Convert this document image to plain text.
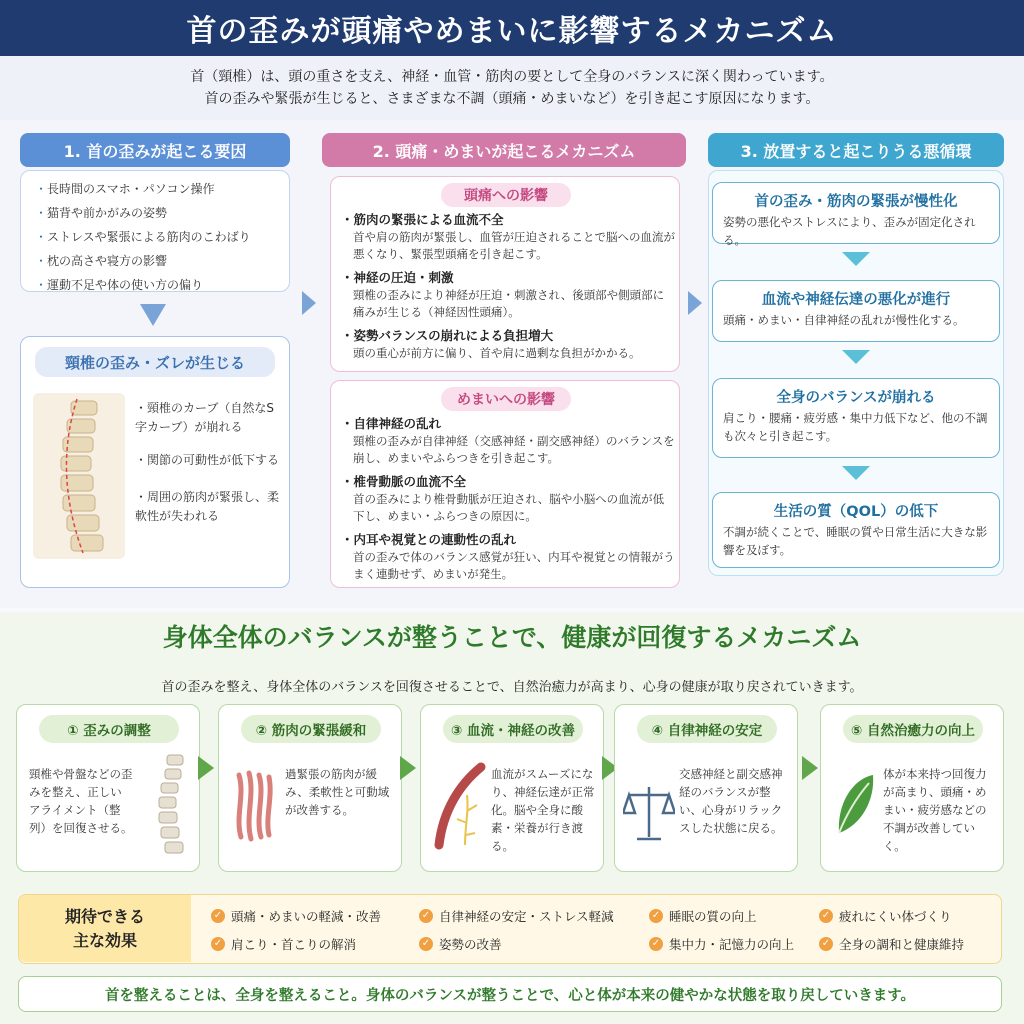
首の歪みが頭痛やめまいに影響するメカニズム
首（頸椎）は、頭の重さを支え、神経・血管・筋肉の要として全身のバランスに深く関わっています。
首の歪みや緊張が生じると、さまざまな不調（頭痛・めまいなど）を引き起こす原因になります。
1. 首の歪みが起こる要因
・ 長時間のスマホ・パソコン操作
・ 猫背や前かがみの姿勢
・ ストレスや緊張による筋肉のこわばり
・ 枕の高さや寝方の影響
・ 運動不足や体の使い方の偏り
頸椎の歪み・ズレが生じる
・頸椎のカーブ（自然なS字カーブ）が崩れる
・関節の可動性が低下する
・周囲の筋肉が緊張し、柔軟性が失われる
2. 頭痛・めまいが起こるメカニズム
頭痛への影響
・ 筋肉の緊張による血流不全
首や肩の筋肉が緊張し、血管が圧迫されることで脳への血流が悪くなり、緊張型頭痛を引き起こす。
・ 神経の圧迫・刺激
頸椎の歪みにより神経が圧迫・刺激され、後頭部や側頭部に痛みが生じる（神経因性頭痛）。
・ 姿勢バランスの崩れによる負担増大
頭の重心が前方に偏り、首や肩に過剰な負担がかかる。
めまいへの影響
・ 自律神経の乱れ
頸椎の歪みが自律神経（交感神経・副交感神経）のバランスを崩し、めまいやふらつきを引き起こす。
・ 椎骨動脈の血流不全
首の歪みにより椎骨動脈が圧迫され、脳や小脳への血流が低下し、めまい・ふらつきの原因に。
・ 内耳や視覚との連動性の乱れ
首の歪みで体のバランス感覚が狂い、内耳や視覚との情報がうまく連動せず、めまいが発生。
3. 放置すると起こりうる悪循環
首の歪み・筋肉の緊張が慢性化
姿勢の悪化やストレスにより、歪みが固定化される。
血流や神経伝達の悪化が進行
頭痛・めまい・自律神経の乱れが慢性化する。
全身のバランスが崩れる
肩こり・腰痛・疲労感・集中力低下など、他の不調も次々と引き起こす。
生活の質（QOL）の低下
不調が続くことで、睡眠の質や日常生活に大きな影響を及ぼす。
身体全体のバランスが整うことで、健康が回復するメカニズム
首の歪みを整え、身体全体のバランスを回復させることで、自然治癒力が高まり、心身の健康が取り戻されていきます。
① 歪みの調整
頸椎や骨盤などの歪みを整え、正しいアライメント（整列）を回復させる。
② 筋肉の緊張緩和
過緊張の筋肉が緩み、柔軟性と可動域が改善する。
③ 血流・神経の改善
血流がスムーズになり、神経伝達が正常化。脳や全身に酸素・栄養が行き渡る。
④ 自律神経の安定
交感神経と副交感神経のバランスが整い、心身がリラックスした状態に戻る。
⑤ 自然治癒力の向上
体が本来持つ回復力が高まり、頭痛・めまい・疲労感などの不調が改善していく。
期待できる
主な効果
✓ 頭痛・めまいの軽減・改善	✓ 自律神経の安定・ストレス軽減	✓ 睡眠の質の向上	✓ 疲れにくい体づくり
✓ 肩こり・首こりの解消	✓ 姿勢の改善	✓ 集中力・記憶力の向上	✓ 全身の調和と健康維持
首を整えることは、全身を整えること。身体のバランスが整うことで、心と体が本来の健やかな状態を取り戻していきます。
